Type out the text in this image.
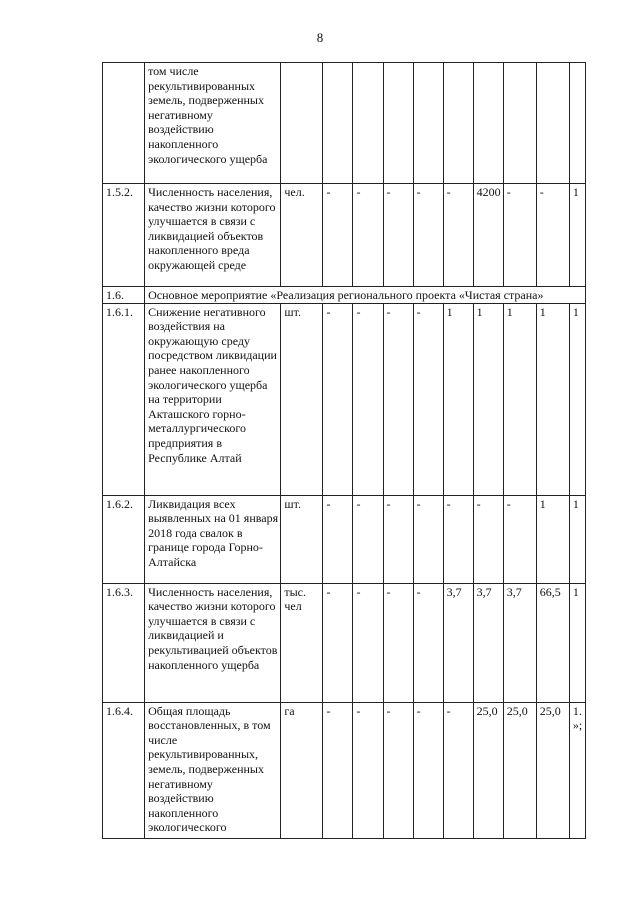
8
	том числе рекультивированных земель, подверженных негативному воздействию накопленного экологического ущерба										
1.5.2.	Численность населения, качество жизни которого улучшается в связи с ликвидацией объектов накопленного вреда окружающей среде	чел.	-	-	-	-	-	4200	-	-	1
1.6.	Основное мероприятие «Реализация регионального проекта «Чистая страна»										
1.6.1.	Снижение негативного воздействия на окружающую среду посредством ликвидации ранее накопленного экологического ущерба на территории Акташского горно-металлургического предприятия в Республике Алтай	шт.	-	-	-	-	1	1	1	1	1
1.6.2.	Ликвидация всех выявленных на 01 января 2018 года свалок в границе города Горно-Алтайска	шт.	-	-	-	-	-	-	-	1	1
1.6.3.	Численность населения, качество жизни которого улучшается в связи с ликвидацией и рекультивацией объектов накопленного ущерба	тыс. чел	-	-	-	-	3,7	3,7	3,7	66,5	1
1.6.4.	Общая площадь восстановленных, в том числе рекультивированных, земель, подверженных негативному воздействию накопленного экологического	га	-	-	-	-	-	25,0	25,0	25,0	1.»;
